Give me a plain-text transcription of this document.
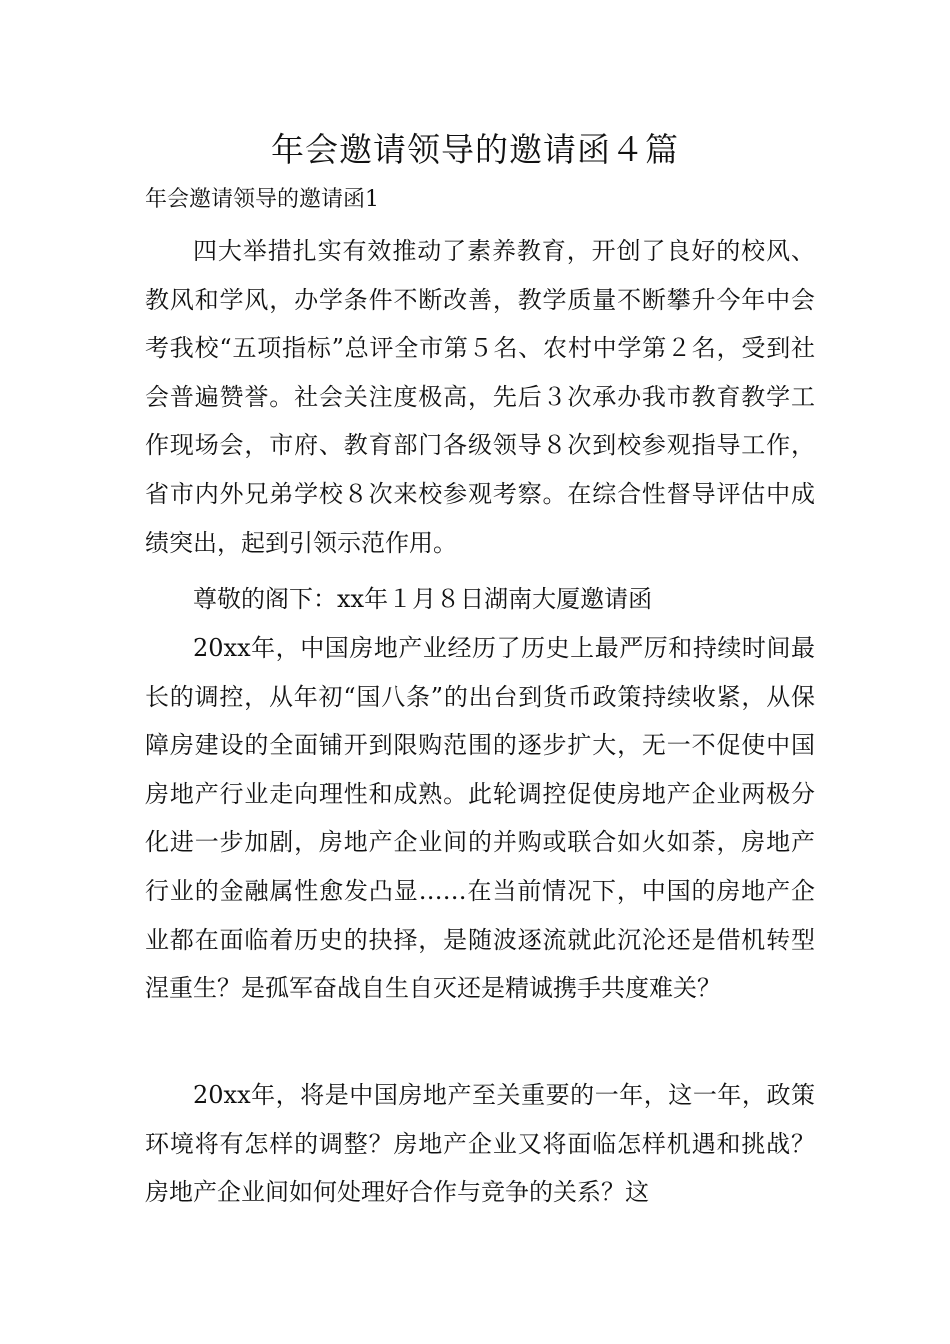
年会邀请领导的邀请函４篇
年会邀请领导的邀请函1

四大举措扎实有效推动了素养教育，开创了良好的校风、教风和学风，办学条件不断改善，教学质量不断攀升今年中会考我校“五项指标”总评全市第５名、农村中学第２名，受到社会普遍赞誉。社会关注度极高，先后３次承办我市教育教学工作现场会，市府、教育部门各级领导８次到校参观指导工作，省市内外兄弟学校８次来校参观考察。在综合性督导评估中成绩突出，起到引领示范作用。

尊敬的阁下：xx年１月８日湖南大厦邀请函

20xx年，中国房地产业经历了历史上最严厉和持续时间最长的调控，从年初“国八条”的出台到货币政策持续收紧，从保障房建设的全面铺开到限购范围的逐步扩大，无一不促使中国房地产行业走向理性和成熟。此轮调控促使房地产企业两极分化进一步加剧，房地产企业间的并购或联合如火如荼，房地产行业的金融属性愈发凸显……在当前情况下，中国的房地产企业都在面临着历史的抉择，是随波逐流就此沉沦还是借机转型涅重生？是孤军奋战自生自灭还是精诚携手共度难关？

20xx年，将是中国房地产至关重要的一年，这一年，政策环境将有怎样的调整？房地产企业又将面临怎样机遇和挑战？房地产企业间如何处理好合作与竞争的关系？这
